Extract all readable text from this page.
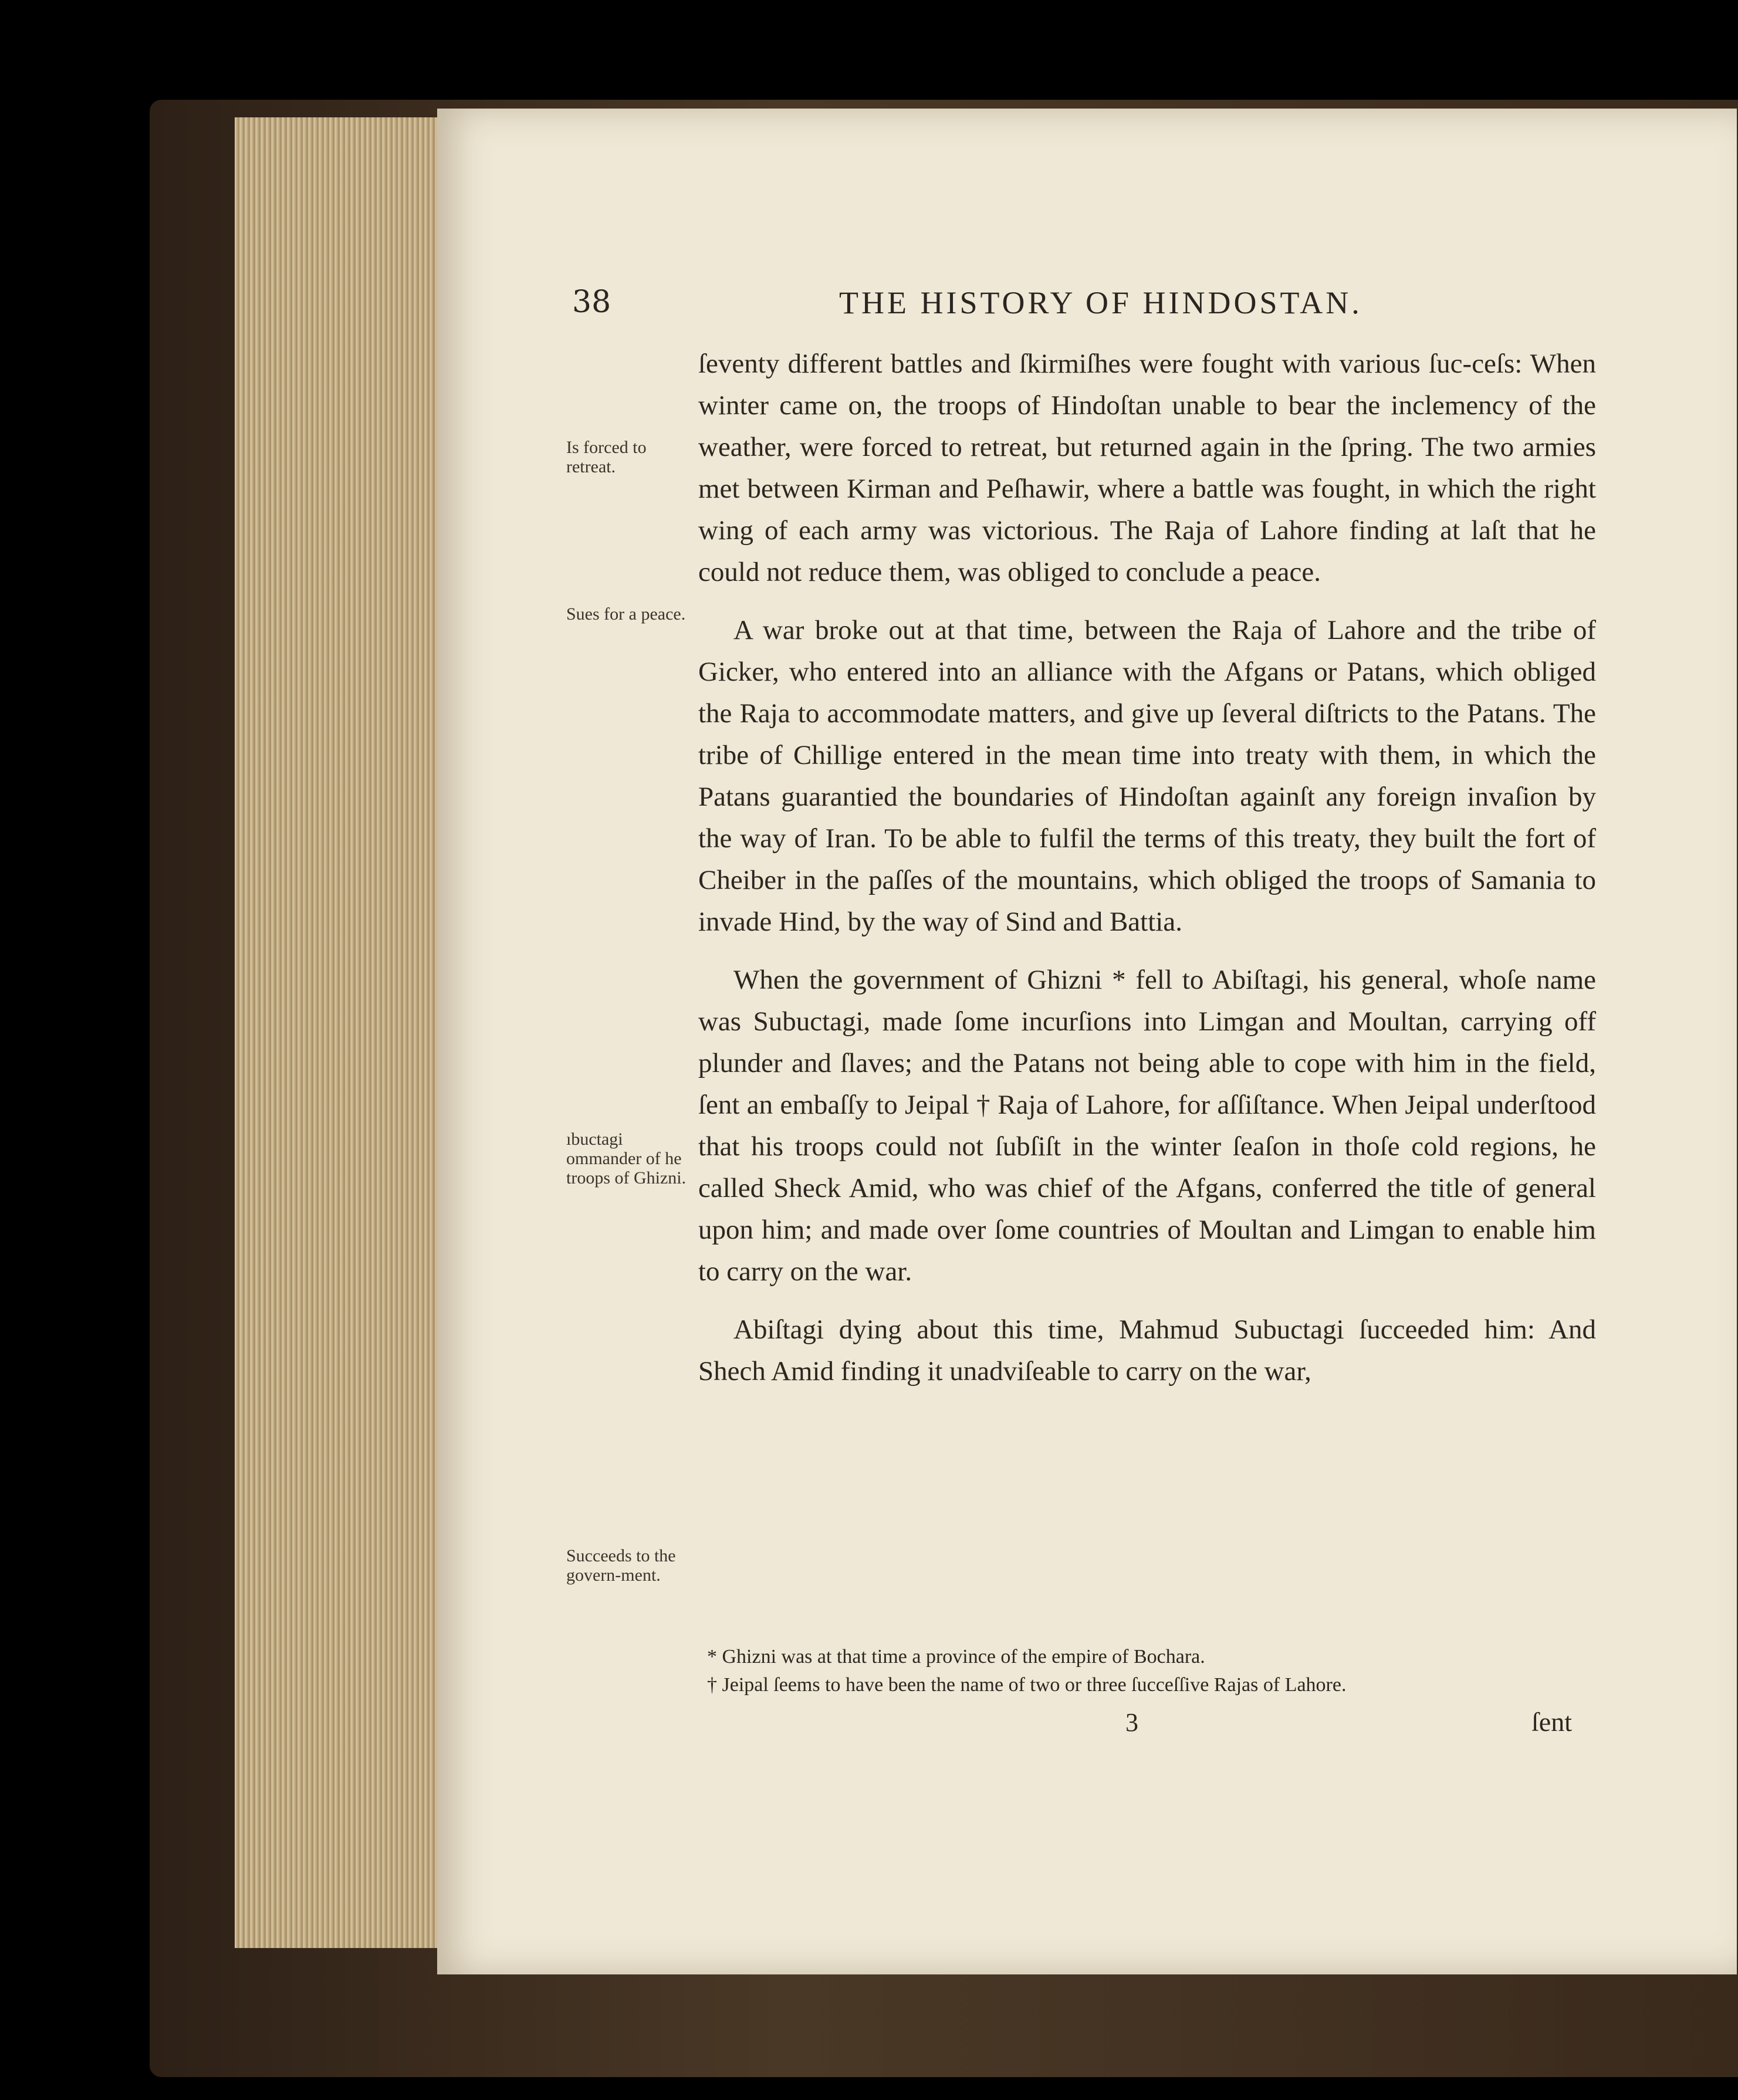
38	THE HISTORY OF HINDOSTAN.
Is forced to retreat.
Sues for a peace.
ıbuctagi ommander of he troops of Ghizni.
Succeeds to the govern-ment.

ſeventy different battles and ſkirmiſhes were fought with various ſuc-ceſs: When winter came on, the troops of Hindoſtan unable to bear the inclemency of the weather, were forced to retreat, but returned again in the ſpring. The two armies met between Kirman and Peſhawir, where a battle was fought, in which the right wing of each army was victorious. The Raja of Lahore finding at laſt that he could not reduce them, was obliged to conclude a peace.

A war broke out at that time, between the Raja of Lahore and the tribe of Gicker, who entered into an alliance with the Afgans or Patans, which obliged the Raja to accommodate matters, and give up ſeveral diſtricts to the Patans. The tribe of Chillige entered in the mean time into treaty with them, in which the Patans guarantied the boundaries of Hindoſtan againſt any foreign invaſion by the way of Iran. To be able to fulfil the terms of this treaty, they built the fort of Cheiber in the paſſes of the mountains, which obliged the troops of Samania to invade Hind, by the way of Sind and Battia.

When the government of Ghizni * fell to Abiſtagi, his general, whoſe name was Subuctagi, made ſome incurſions into Limgan and Moultan, carrying off plunder and ſlaves; and the Patans not being able to cope with him in the field, ſent an embaſſy to Jeipal † Raja of Lahore, for aſſiſtance. When Jeipal underſtood that his troops could not ſubſiſt in the winter ſeaſon in thoſe cold regions, he called Sheck Amid, who was chief of the Afgans, conferred the title of general upon him; and made over ſome countries of Moultan and Limgan to enable him to carry on the war.

Abiſtagi dying about this time, Mahmud Subuctagi ſucceeded him: And Shech Amid finding it unadviſeable to carry on the war,

* Ghizni was at that time a province of the empire of Bochara.

† Jeipal ſeems to have been the name of two or three ſucceſſive Rajas of Lahore.

3	ſent
